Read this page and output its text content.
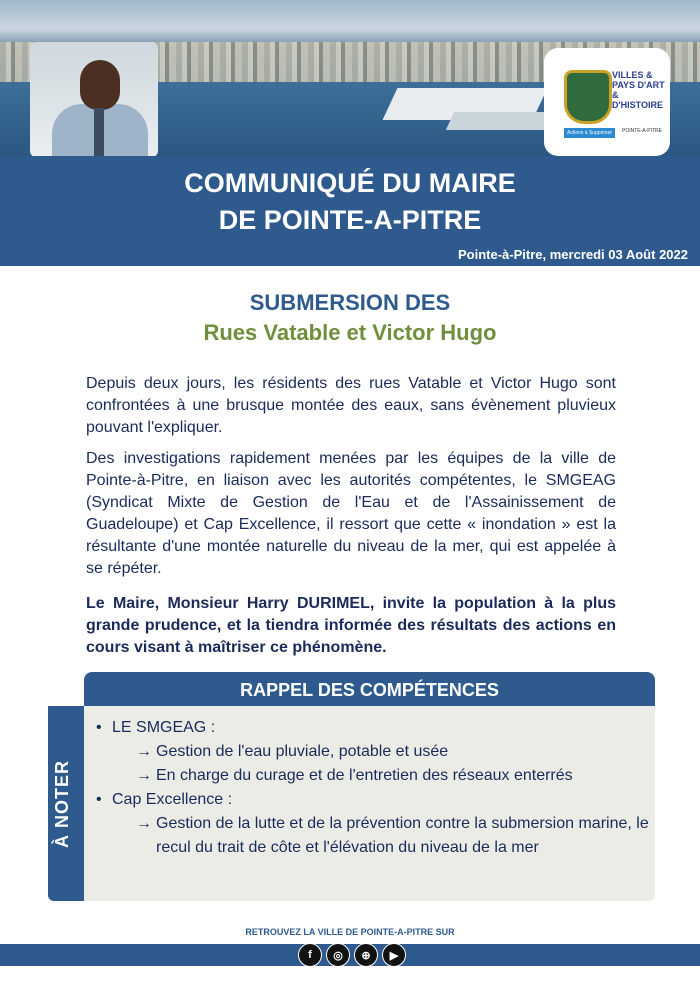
VILLES & PAYS D'ART & D'HISTOIRE
Actions à Supprimer	POINTE-A-PITRE
COMMUNIQUÉ DU MAIRE
DE POINTE-A-PITRE
Pointe-à-Pitre, mercredi 03 Août 2022
SUBMERSION DES
Rues Vatable et Victor Hugo

Depuis deux jours, les résidents des rues Vatable et Victor Hugo sont confrontées à une brusque montée des eaux, sans évènement pluvieux pouvant l'expliquer.

Des investigations rapidement menées par les équipes de la ville de Pointe-à-Pitre, en liaison avec les autorités compétentes, le SMGEAG (Syndicat Mixte de Gestion de l'Eau et de l'Assainissement de Guadeloupe) et Cap Excellence, il ressort que cette « inondation » est la résultante d'une montée naturelle du niveau de la mer, qui est appelée à se répéter.

Le Maire, Monsieur Harry DURIMEL, invite la population à la plus grande prudence, et la tiendra informée des résultats des actions en cours visant à maîtriser ce phénomène.

RAPPEL DES COMPÉTENCES
À NOTER
• LE SMGEAG :
→ Gestion de l'eau pluviale, potable et usée
→ En charge du curage et de l'entretien des réseaux enterrés
• Cap Excellence :
→ Gestion de la lutte et de la prévention contre la submersion marine, le recul du trait de côte et l'élévation du niveau de la mer
RETROUVEZ LA VILLE DE POINTE-A-PITRE SUR
f	◎	⊕	▶
